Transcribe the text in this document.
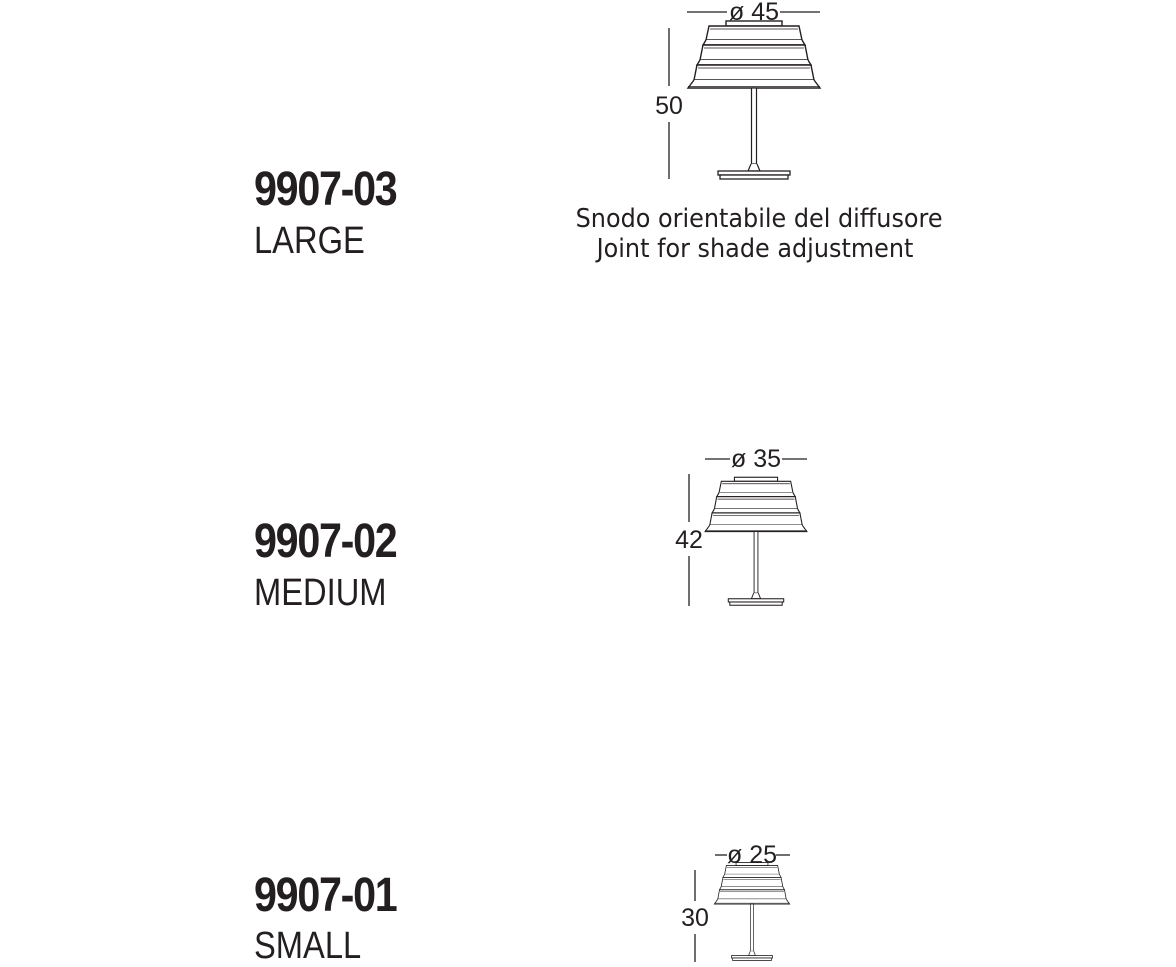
9907-03
LARGE
Snodo orientabile del diffusore
Joint for shade adjustment
9907-02
MEDIUM
9907-01
SMALL
ø 45
50
ø 35
42
ø 25
30
